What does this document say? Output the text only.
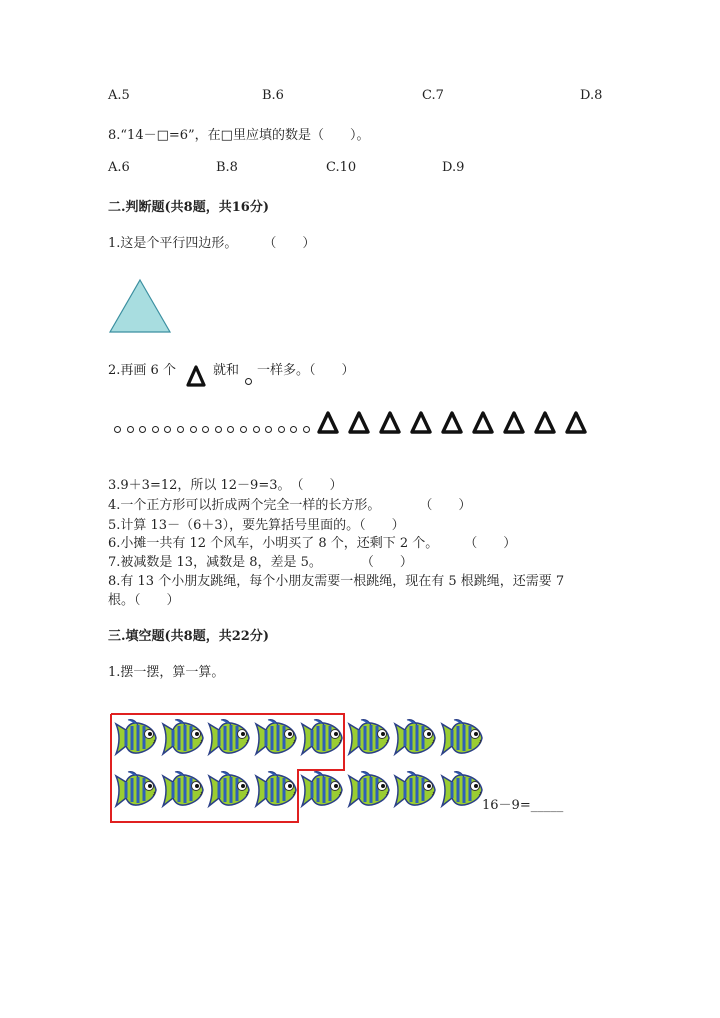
A.5	B.6	C.7	D.8
8.“14－□=6”，在□里应填的数是（　　）。
A.6	B.8	C.10	D.9
二.判断题(共8题，共16分)
1.这是个平行四边形。　　　（　　）
2.再画 6 个	就和 一样多。（　　）
3.9＋3=12，所以 12－9=3。　（　　）
4.一个正方形可以折成两个完全一样的长方形。　　　　（　　）
5.计算 13－（6＋3），要先算括号里面的。（　　）
6.小摊一共有 12 个风车，小明买了 8 个，还剩下 2 个。　　　（　　）
7.被减数是 13，减数是 8，差是 5。　　　　（　　）
8.有 13 个小朋友跳绳，每个小朋友需要一根跳绳，现在有 5 根跳绳，还需要 7
根。（　　）
三.填空题(共8题，共22分)
1.摆一摆，算一算。
16－9=_____
